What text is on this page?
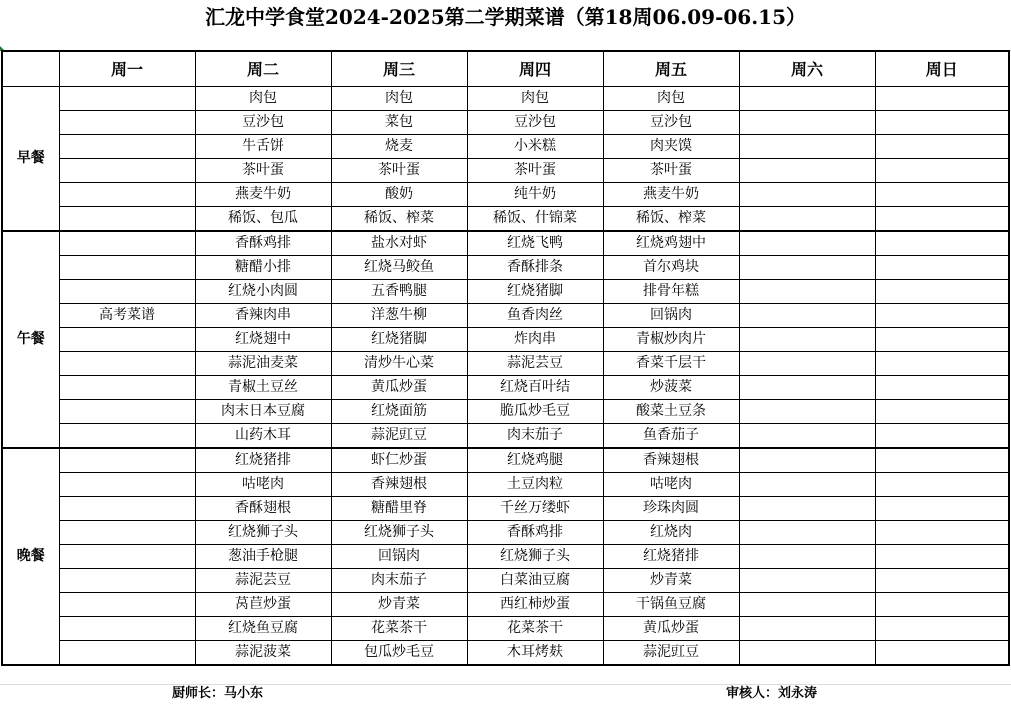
汇龙中学食堂2024-2025第二学期菜谱（第18周06.09-06.15）
	周一	周二	周三	周四	周五	周六	周日
早餐		肉包	肉包	肉包	肉包		
		豆沙包	菜包	豆沙包	豆沙包		
		牛舌饼	烧麦	小米糕	肉夹馍		
		茶叶蛋	茶叶蛋	茶叶蛋	茶叶蛋		
		燕麦牛奶	酸奶	纯牛奶	燕麦牛奶		
		稀饭、包瓜	稀饭、榨菜	稀饭、什锦菜	稀饭、榨菜		
午餐		香酥鸡排	盐水对虾	红烧飞鸭	红烧鸡翅中		
		糖醋小排	红烧马鲛鱼	香酥排条	首尔鸡块		
		红烧小肉圆	五香鸭腿	红烧猪脚	排骨年糕		
	高考菜谱	香辣肉串	洋葱牛柳	鱼香肉丝	回锅肉		
		红烧翅中	红烧猪脚	炸肉串	青椒炒肉片		
		蒜泥油麦菜	清炒牛心菜	蒜泥芸豆	香菜千层干		
		青椒土豆丝	黄瓜炒蛋	红烧百叶结	炒菠菜		
		肉末日本豆腐	红烧面筋	脆瓜炒毛豆	酸菜土豆条		
		山药木耳	蒜泥豇豆	肉末茄子	鱼香茄子		
晚餐		红烧猪排	虾仁炒蛋	红烧鸡腿	香辣翅根		
		咕咾肉	香辣翅根	土豆肉粒	咕咾肉		
		香酥翅根	糖醋里脊	千丝万缕虾	珍珠肉圆		
		红烧狮子头	红烧狮子头	香酥鸡排	红烧肉		
		葱油手枪腿	回锅肉	红烧狮子头	红烧猪排		
		蒜泥芸豆	肉末茄子	白菜油豆腐	炒青菜		
		莴苣炒蛋	炒青菜	西红柿炒蛋	干锅鱼豆腐		
		红烧鱼豆腐	花菜茶干	花菜茶干	黄瓜炒蛋		
		蒜泥菠菜	包瓜炒毛豆	木耳烤麸	蒜泥豇豆		
厨师长：马小东	审核人：刘永涛
